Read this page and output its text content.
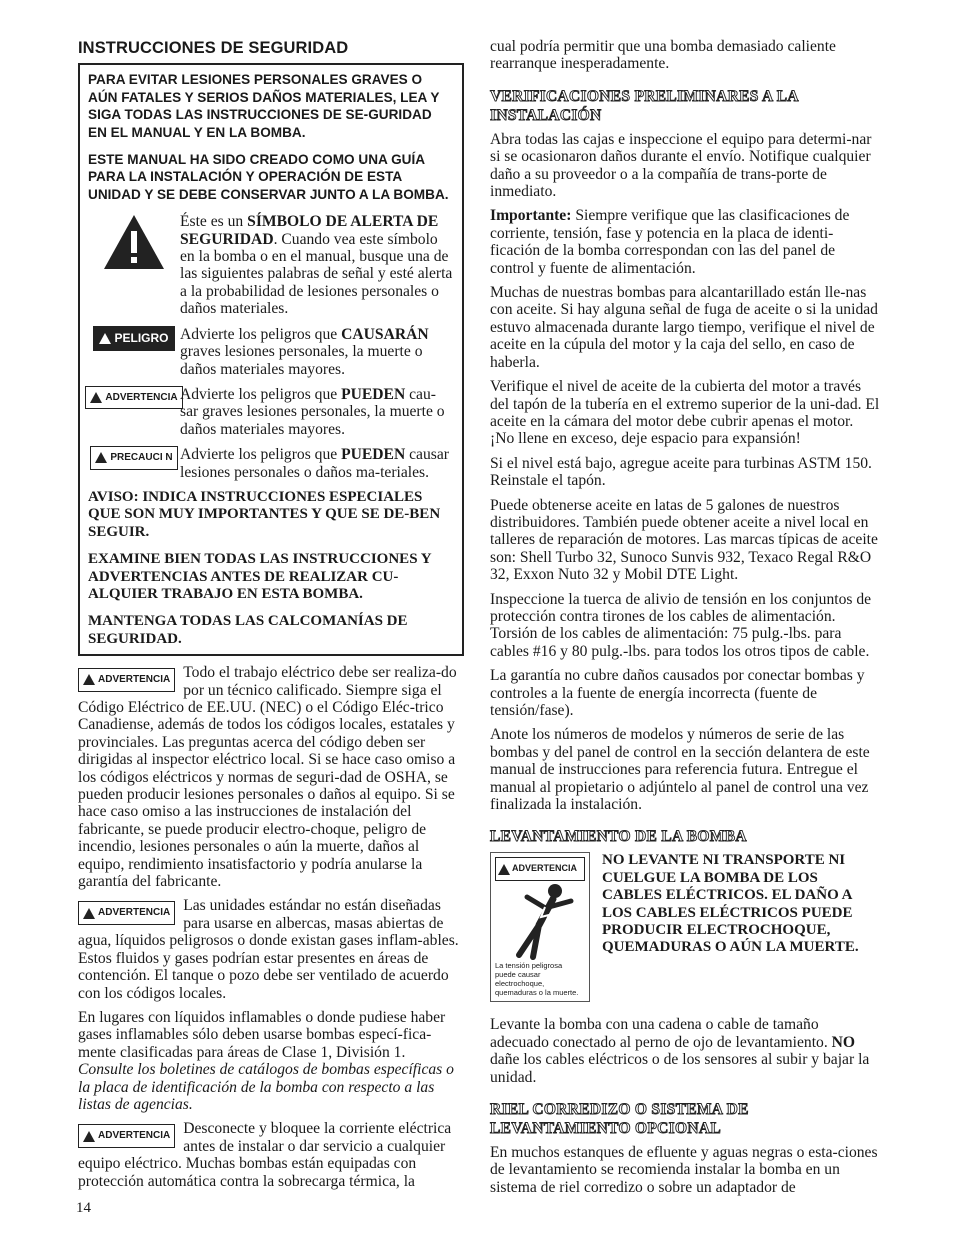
INSTRUCCIONES DE SEGURIDAD

PARA EVITAR LESIONES PERSONALES GRAVES O AÚN FATALES Y SERIOS DAÑOS MATERIALES, LEA Y SIGA TODAS LAS INSTRUCCIONES DE SE-GURIDAD EN EL MANUAL Y EN LA BOMBA.

ESTE MANUAL HA SIDO CREADO COMO UNA GUÍA PARA LA INSTALACIÓN Y OPERACIÓN DE ESTA UNIDAD Y SE DEBE CONSERVAR JUNTO A LA BOMBA.

Éste es un SÍMBOLO DE ALERTA DE SEGURIDAD. Cuando vea este símbolo en la bomba o en el manual, busque una de las siguientes palabras de señal y esté alerta a la probabilidad de lesiones personales o daños materiales.
PELIGRO Advierte los peligros que CAUSARÁN graves lesiones personales, la muerte o daños materiales mayores.
ADVERTENCIA Advierte los peligros que PUEDEN cau-sar graves lesiones personales, la muerte o daños materiales mayores.
PRECAUCI N Advierte los peligros que PUEDEN causar lesiones personales o daños ma-teriales.

AVISO: INDICA INSTRUCCIONES ESPECIALES QUE SON MUY IMPORTANTES Y QUE SE DE-BEN SEGUIR.

EXAMINE BIEN TODAS LAS INSTRUCCIONES Y ADVERTENCIAS ANTES DE REALIZAR CU-ALQUIER TRABAJO EN ESTA BOMBA.

MANTENGA TODAS LAS CALCOMANÍAS DE SEGURIDAD.

ADVERTENCIA Todo el trabajo eléctrico debe ser realiza-do por un técnico calificado. Siempre siga el Código Eléctrico de EE.UU. (NEC) o el Código Eléc-trico Canadiense, además de todos los códigos locales, estatales y provinciales. Las preguntas acerca del código deben ser dirigidas al inspector eléctrico local. Si se hace caso omiso a los códigos eléctricos y normas de seguri-dad de OSHA, se pueden producir lesiones personales o daños al equipo. Si se hace caso omiso a las instrucciones de instalación del fabricante, se puede producir electro-choque, peligro de incendio, lesiones personales o aún la muerte, daños al equipo, rendimiento insatisfactorio y podría anularse la garantía del fabricante.

ADVERTENCIA Las unidades estándar no están diseñadas para usarse en albercas, masas abiertas de agua, líquidos peligrosos o donde existan gases inflam-ables. Estos fluidos y gases podrían estar presentes en áreas de contención. El tanque o pozo debe ser ventilado de acuerdo con los códigos locales.

En lugares con líquidos inflamables o donde pudiese haber gases inflamables sólo deben usarse bombas especí-fica-mente clasificadas para áreas de Clase 1, División 1. Consulte los boletines de catálogos de bombas específicas o la placa de identificación de la bomba con respecto a las listas de agencias.

ADVERTENCIA Desconecte y bloquee la corriente eléctrica antes de instalar o dar servicio a cualquier equipo eléctrico. Muchas bombas están equipadas con protección automática contra la sobrecarga térmica, la

cual podría permitir que una bomba demasiado caliente rearranque inesperadamente.

VERIFICACIONES PRELIMINARES A LA INSTALACIÓN

Abra todas las cajas e inspeccione el equipo para determi-nar si se ocasionaron daños durante el envío. Notifique cualquier daño a su proveedor o a la compañía de trans-porte de inmediato.

Importante: Siempre verifique que las clasificaciones de corriente, tensión, fase y potencia en la placa de identi-ficación de la bomba correspondan con las del panel de control y fuente de alimentación.

Muchas de nuestras bombas para alcantarillado están lle-nas con aceite. Si hay alguna señal de fuga de aceite o si la unidad estuvo almacenada durante largo tiempo, verifique el nivel de aceite en la cúpula del motor y la caja del sello, en caso de haberla.

Verifique el nivel de aceite de la cubierta del motor a través del tapón de la tubería en el extremo superior de la uni-dad. El aceite en la cámara del motor debe cubrir apenas el motor. ¡No llene en exceso, deje espacio para expansión!

Si el nivel está bajo, agregue aceite para turbinas ASTM 150. Reinstale el tapón.

Puede obtenerse aceite en latas de 5 galones de nuestros distribuidores. También puede obtener aceite a nivel local en talleres de reparación de motores. Las marcas típicas de aceite son: Shell Turbo 32, Sunoco Sunvis 932, Texaco Regal R&O 32, Exxon Nuto 32 y Mobil DTE Light.

Inspeccione la tuerca de alivio de tensión en los conjuntos de protección contra tirones de los cables de alimentación. Torsión de los cables de alimentación: 75 pulg.-lbs. para cables #16 y 80 pulg.-lbs. para todos los otros tipos de cable.

La garantía no cubre daños causados por conectar bombas y controles a la fuente de energía incorrecta (fuente de tensión/fase).

Anote los números de modelos y números de serie de las bombas y del panel de control en la sección delantera de este manual de instrucciones para referencia futura. Entregue el manual al propietario o adjúntelo al panel de control una vez finalizada la instalación.

LEVANTAMIENTO DE LA BOMBA
ADVERTENCIA
La tensión peligrosa puede causar electrochoque, quemaduras o la muerte.
NO LEVANTE NI TRANSPORTE NI CUELGUE LA BOMBA DE LOS CABLES ELÉCTRICOS. EL DAÑO A LOS CABLES ELÉCTRICOS PUEDE PRODUCIR ELECTROCHOQUE, QUEMADURAS O AÚN LA MUERTE.

Levante la bomba con una cadena o cable de tamaño adecuado conectado al perno de ojo de levantamiento. NO dañe los cables eléctricos o de los sensores al subir y bajar la unidad.

RIEL CORREDIZO O SISTEMA DE LEVANTAMIENTO OPCIONAL

En muchos estanques de efluente y aguas negras o esta-ciones de levantamiento se recomienda instalar la bomba en un sistema de riel corredizo o sobre un adaptador de

14
